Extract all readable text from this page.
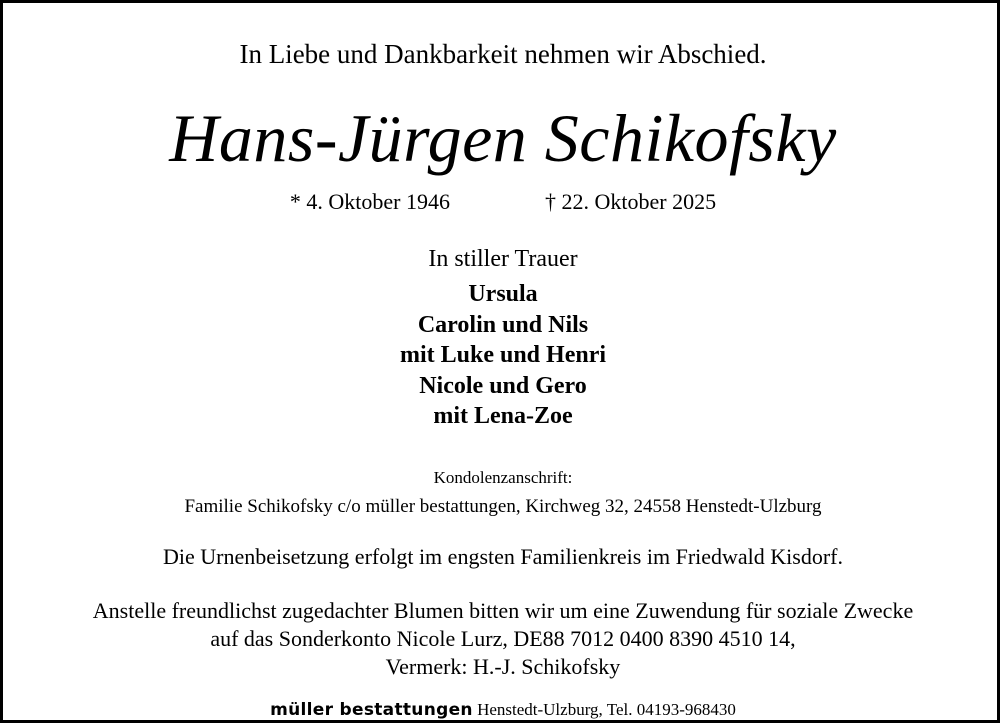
In Liebe und Dankbarkeit nehmen wir Abschied.
Hans-Jürgen Schikofsky
* 4. Oktober 1946	† 22. Oktober 2025
In stiller Trauer
Ursula
Carolin und Nils
mit Luke und Henri
Nicole und Gero
mit Lena-Zoe
Kondolenzanschrift:
Familie Schikofsky c/o müller bestattungen, Kirchweg 32, 24558 Henstedt-Ulzburg
Die Urnenbeisetzung erfolgt im engsten Familienkreis im Friedwald Kisdorf.
Anstelle freundlichst zugedachter Blumen bitten wir um eine Zuwendung für soziale Zwecke
auf das Sonderkonto Nicole Lurz, DE88 7012 0400 8390 4510 14,
Vermerk: H.-J. Schikofsky
müller bestattungen Henstedt-Ulzburg, Tel. 04193-968430
